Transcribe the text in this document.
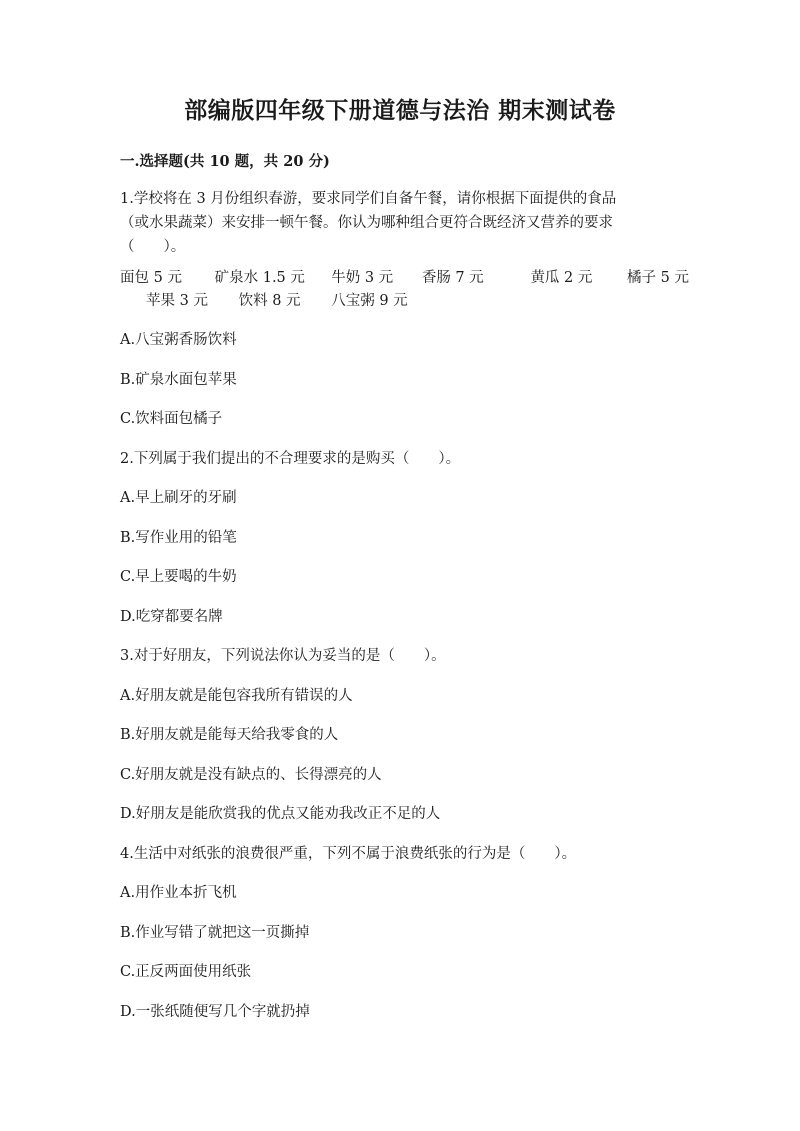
部编版四年级下册道德与法治 期末测试卷
一.选择题(共 10 题，共 20 分)
1.学校将在 3 月份组织春游，要求同学们自备午餐，请你根据下面提供的食品
（或水果蔬菜）来安排一顿午餐。你认为哪种组合更符合既经济又营养的要求
（　　）。
面包 5 元 矿泉水 1.5 元 牛奶 3 元 香肠 7 元	黄瓜 2 元 橘子 5 元
苹果 3 元 饮料 8 元 八宝粥 9 元
A.八宝粥香肠饮料
B.矿泉水面包苹果
C.饮料面包橘子
2.下列属于我们提出的不合理要求的是购买（　　）。
A.早上刷牙的牙刷
B.写作业用的铅笔
C.早上要喝的牛奶
D.吃穿都要名牌
3.对于好朋友，下列说法你认为妥当的是（　　）。
A.好朋友就是能包容我所有错误的人
B.好朋友就是能每天给我零食的人
C.好朋友就是没有缺点的、长得漂亮的人
D.好朋友是能欣赏我的优点又能劝我改正不足的人
4.生活中对纸张的浪费很严重，下列不属于浪费纸张的行为是（　　）。
A.用作业本折飞机
B.作业写错了就把这一页撕掉
C.正反两面使用纸张
D.一张纸随便写几个字就扔掉
